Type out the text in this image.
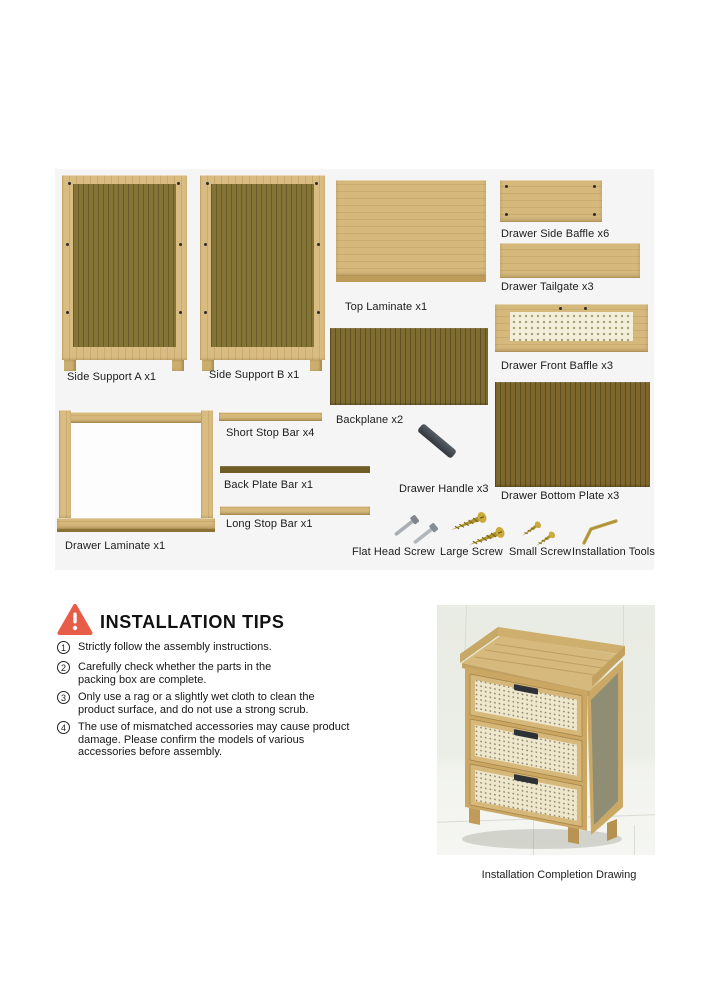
Side Support A x1	Side Support B x1
Top Laminate x1
Drawer Side Baffle x6
Drawer Tailgate x3
Drawer Front Baffle x3
Backplane x2
Drawer Bottom Plate x3
Drawer Laminate x1
Short Stop Bar x4
Back Plate Bar x1
Long Stop Bar x1
Drawer Handle x3
Flat Head Screw Large Screw Small Screw Installation Tools
INSTALLATION TIPS
1	Strictly follow the assembly instructions.
2	Carefully check whether the parts in the
packing box are complete.
3	Only use a rag or a slightly wet cloth to clean the
product surface, and do not use a strong scrub.
4	The use of mismatched accessories may cause product
damage. Please confirm the models of various
accessories before assembly.
Installation Completion Drawing
